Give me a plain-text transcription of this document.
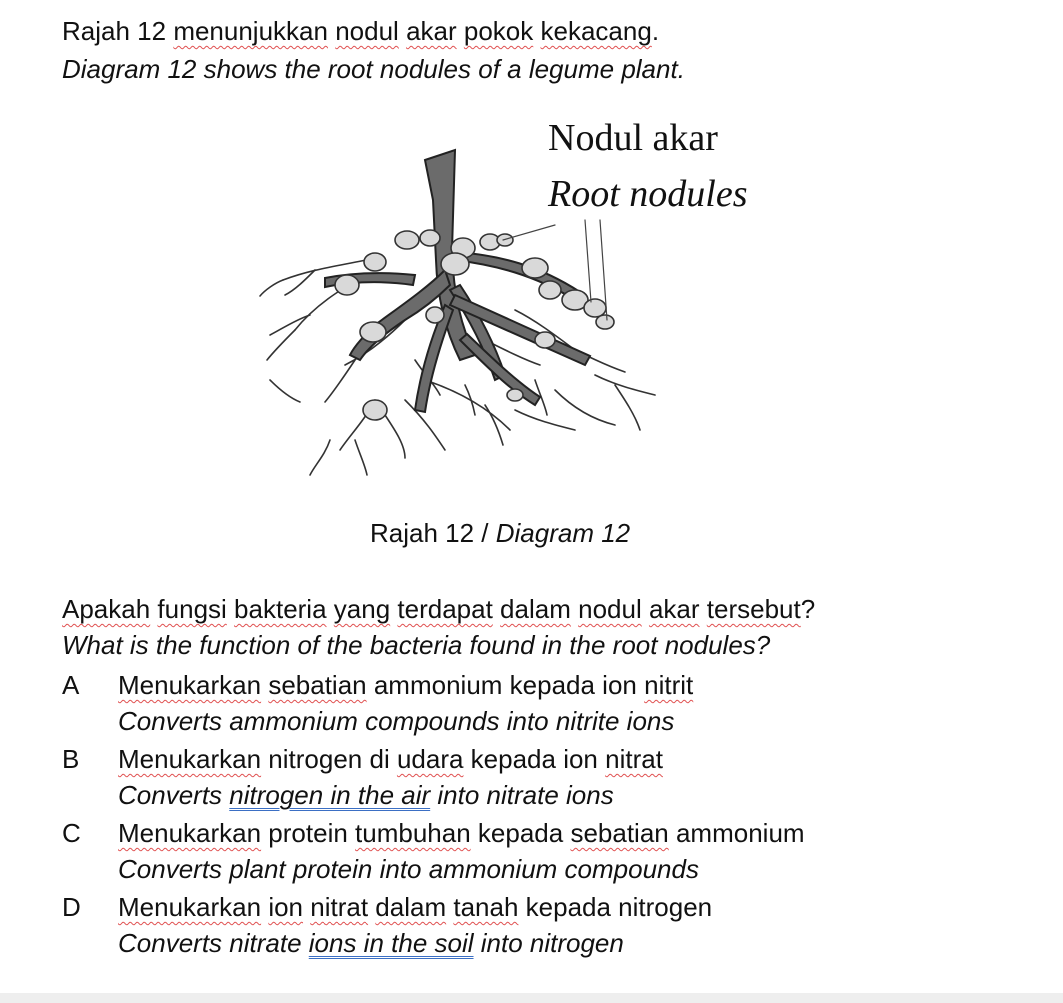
Rajah 12 menunjukkan nodul akar pokok kekacang.
Diagram 12 shows the root nodules of a legume plant.
Nodul akar
Root nodules
Rajah 12 / Diagram 12
Apakah fungsi bakteria yang terdapat dalam nodul akar tersebut?
What is the function of the bacteria found in the root nodules?
A Menukarkan sebatian ammonium kepada ion nitrit
Converts ammonium compounds into nitrite ions
B Menukarkan nitrogen di udara kepada ion nitrat
Converts nitrogen in the air into nitrate ions
C Menukarkan protein tumbuhan kepada sebatian ammonium
Converts plant protein into ammonium compounds
D Menukarkan ion nitrat dalam tanah kepada nitrogen
Converts nitrate ions in the soil into nitrogen
